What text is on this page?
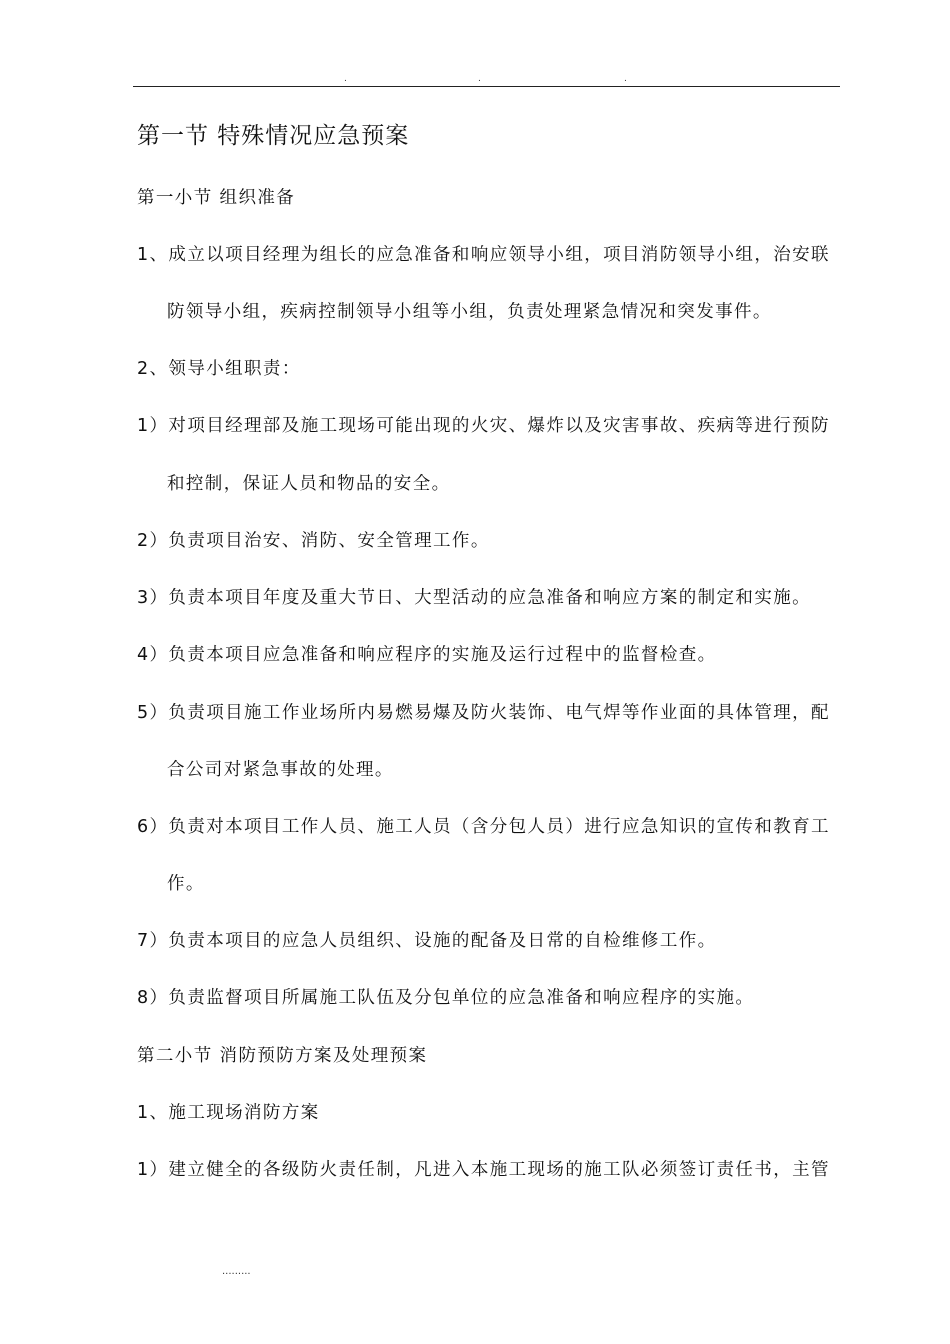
.	.	.
第一节 特殊情况应急预案
第一小节 组织准备
1、成立以项目经理为组长的应急准备和响应领导小组，项目消防领导小组，治安联
防领导小组，疾病控制领导小组等小组，负责处理紧急情况和突发事件。
2、领导小组职责：
1）对项目经理部及施工现场可能出现的火灾、爆炸以及灾害事故、疾病等进行预防
和控制，保证人员和物品的安全。
2）负责项目治安、消防、安全管理工作。
3）负责本项目年度及重大节日、大型活动的应急准备和响应方案的制定和实施。
4）负责本项目应急准备和响应程序的实施及运行过程中的监督检查。
5）负责项目施工作业场所内易燃易爆及防火装饰、电气焊等作业面的具体管理，配
合公司对紧急事故的处理。
6）负责对本项目工作人员、施工人员（含分包人员）进行应急知识的宣传和教育工
作。
7）负责本项目的应急人员组织、设施的配备及日常的自检维修工作。
8）负责监督项目所属施工队伍及分包单位的应急准备和响应程序的实施。
第二小节 消防预防方案及处理预案
1、施工现场消防方案
1）建立健全的各级防火责任制，凡进入本施工现场的施工队必须签订责任书，主管
.........
